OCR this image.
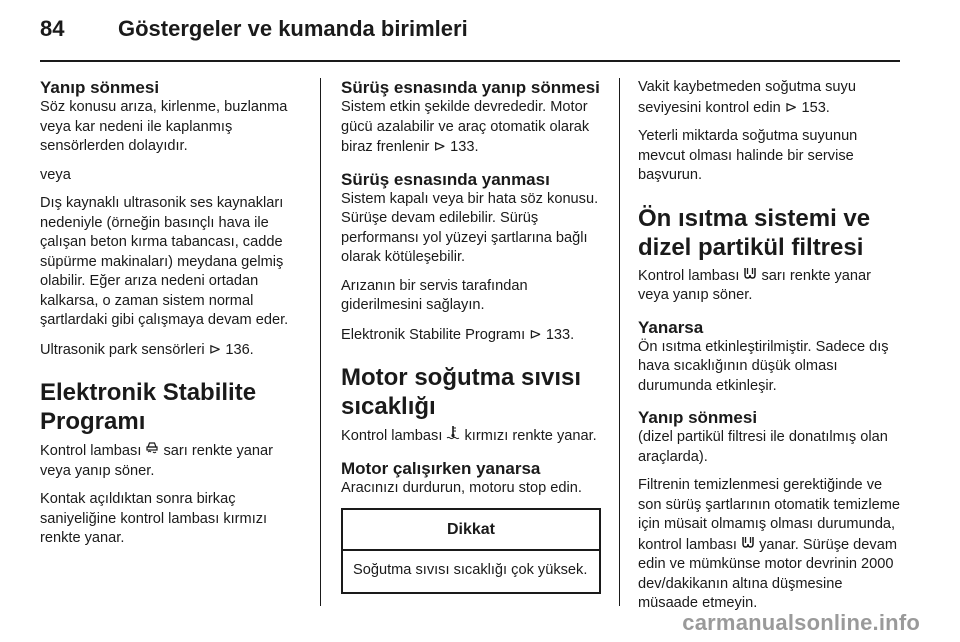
84 Göstergeler ve kumanda birimleri
Yanıp sönmesi

Söz konusu arıza, kirlenme, buzlanma veya kar nedeni ile kaplanmış sensörlerden dolayıdır.

veya

Dış kaynaklı ultrasonik ses kaynakları nedeniyle (örneğin basınçlı hava ile çalışan beton kırma tabancası, cadde süpürme makinaları) meydana gelmiş olabilir. Eğer arıza nedeni ortadan kalkarsa, o zaman sistem normal şartlardaki gibi çalışmaya devam eder.

Ultrasonik park sensörleri ⊳ 136.

Elektronik Stabilite Programı

Kontrol lambası  sarı renkte yanar veya yanıp söner.

Kontak açıldıktan sonra birkaç saniyeliğine kontrol lambası kırmızı renkte yanar.

Sürüş esnasında yanıp sönmesi

Sistem etkin şekilde devrededir. Motor gücü azalabilir ve araç otomatik olarak biraz frenlenir ⊳ 133.

Sürüş esnasında yanması

Sistem kapalı veya bir hata söz konusu. Sürüşe devam edilebilir. Sürüş performansı yol yüzeyi şartlarına bağlı olarak kötüleşebilir.

Arızanın bir servis tarafından giderilmesini sağlayın.

Elektronik Stabilite Programı ⊳ 133.

Motor soğutma sıvısı sıcaklığı

Kontrol lambası  kırmızı renkte yanar.

Motor çalışırken yanarsa

Aracınızı durdurun, motoru stop edin.

Dikkat
Soğutma sıvısı sıcaklığı çok yüksek.

Vakit kaybetmeden soğutma suyu seviyesini kontrol edin ⊳ 153.

Yeterli miktarda soğutma suyunun mevcut olması halinde bir servise başvurun.

Ön ısıtma sistemi ve dizel partikül filtresi

Kontrol lambası  sarı renkte yanar veya yanıp söner.

Yanarsa

Ön ısıtma etkinleştirilmiştir. Sadece dış hava sıcaklığının düşük olması durumunda etkinleşir.

Yanıp sönmesi

(dizel partikül filtresi ile donatılmış olan araçlarda).

Filtrenin temizlenmesi gerektiğinde ve son sürüş şartlarının otomatik temizleme için müsait olmamış olması durumunda, kontrol lambası  yanar. Sürüşe devam edin ve mümkünse motor devrinin 2000 dev/dakikanın altına düşmesine müsaade etmeyin.

carmanualsonline.info
